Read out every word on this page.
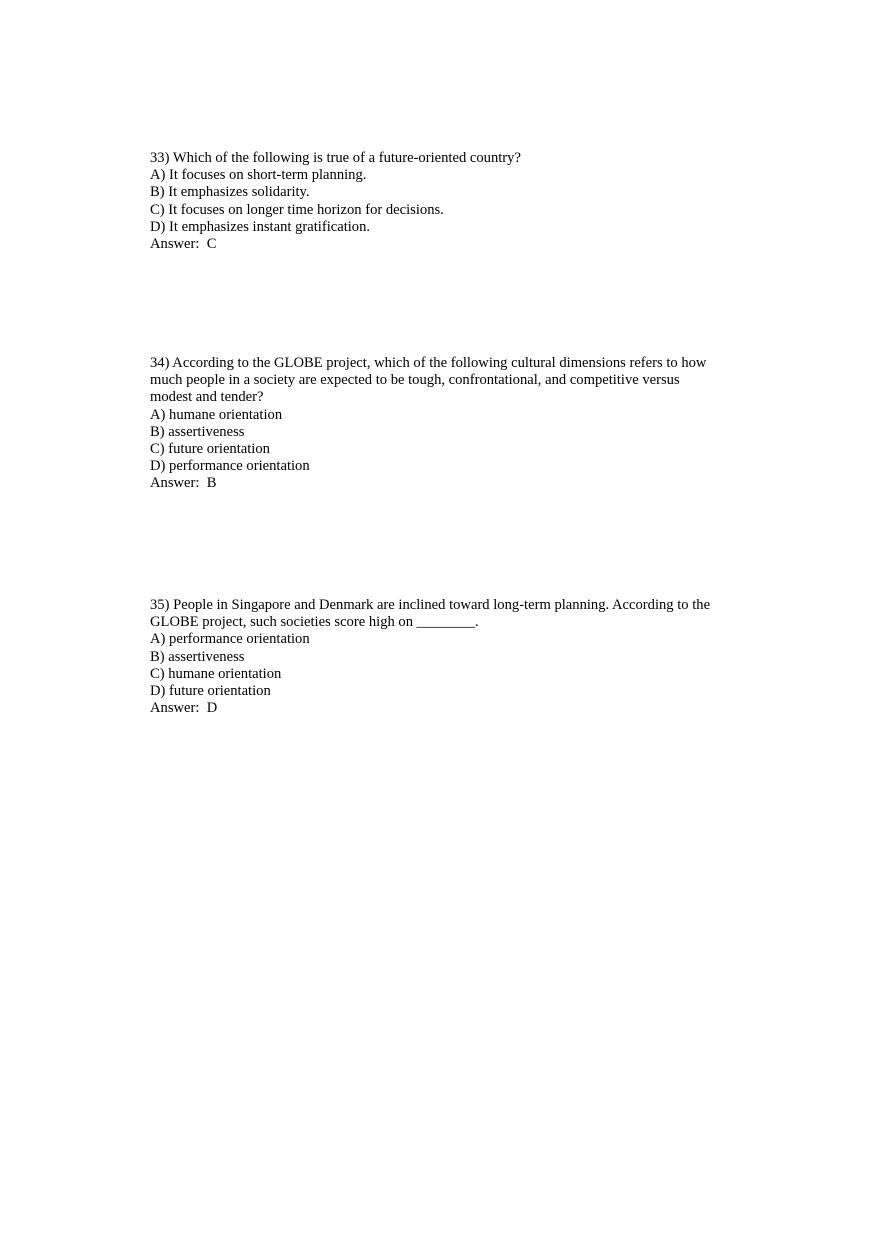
33) Which of the following is true of a future-oriented country?
A) It focuses on short-term planning.
B) It emphasizes solidarity.
C) It focuses on longer time horizon for decisions.
D) It emphasizes instant gratification.
Answer:  C
34) According to the GLOBE project, which of the following cultural dimensions refers to how
much people in a society are expected to be tough, confrontational, and competitive versus
modest and tender?
A) humane orientation
B) assertiveness
C) future orientation
D) performance orientation
Answer:  B
35) People in Singapore and Denmark are inclined toward long-term planning. According to the
GLOBE project, such societies score high on ________.
A) performance orientation
B) assertiveness
C) humane orientation
D) future orientation
Answer:  D
